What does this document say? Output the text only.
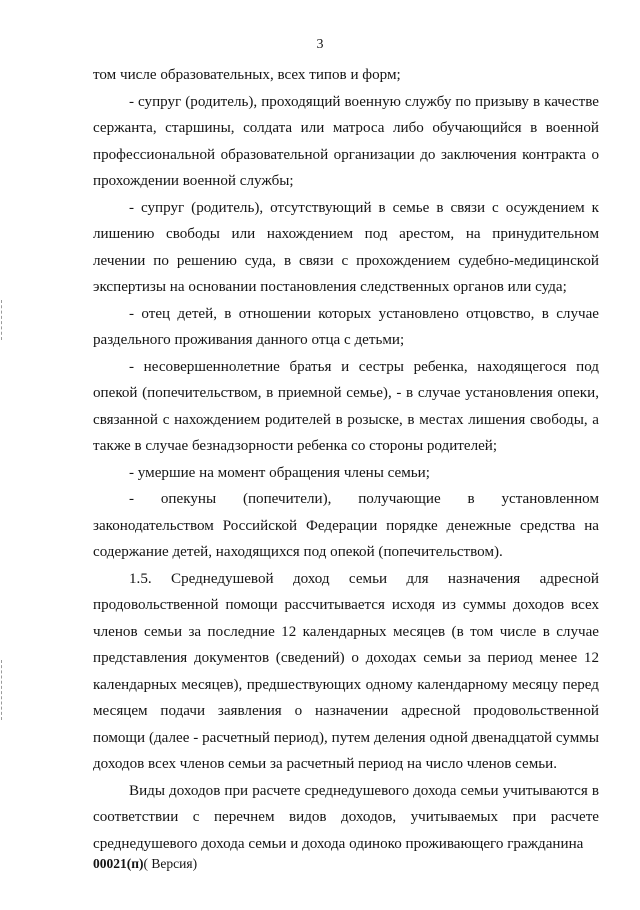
3

том числе образовательных, всех типов и форм;

- супруг (родитель), проходящий военную службу по призыву в качестве сержанта, старшины, солдата или матроса либо обучающийся в военной профессиональной образовательной организации до заключения контракта о прохождении военной службы;

- супруг (родитель), отсутствующий в семье в связи с осуждением к лишению свободы или нахождением под арестом, на принудительном лечении по решению суда, в связи с прохождением судебно-медицинской экспертизы на основании постановления следственных органов или суда;

- отец детей, в отношении которых установлено отцовство, в случае раздельного проживания данного отца с детьми;

- несовершеннолетние братья и сестры ребенка, находящегося под опекой (попечительством, в приемной семье), - в случае установления опеки, связанной с нахождением родителей в розыске, в местах лишения свободы, а также в случае безнадзорности ребенка со стороны родителей;

- умершие на момент обращения члены семьи;

- опекуны (попечители), получающие в установленном законодательством Российской Федерации порядке денежные средства на содержание детей, находящихся под опекой (попечительством).

1.5. Среднедушевой доход семьи для назначения адресной продовольственной помощи рассчитывается исходя из суммы доходов всех членов семьи за последние 12 календарных месяцев (в том числе в случае представления документов (сведений) о доходах семьи за период менее 12 календарных месяцев), предшествующих одному календарному месяцу перед месяцем подачи заявления о назначении адресной продовольственной помощи (далее - расчетный период), путем деления одной двенадцатой суммы доходов всех членов семьи за расчетный период на число членов семьи.

Виды доходов при расчете среднедушевого дохода семьи учитываются в соответствии с перечнем видов доходов, учитываемых при расчете среднедушевого дохода семьи и дохода одиноко проживающего гражданина

00021(п)( Версия)
